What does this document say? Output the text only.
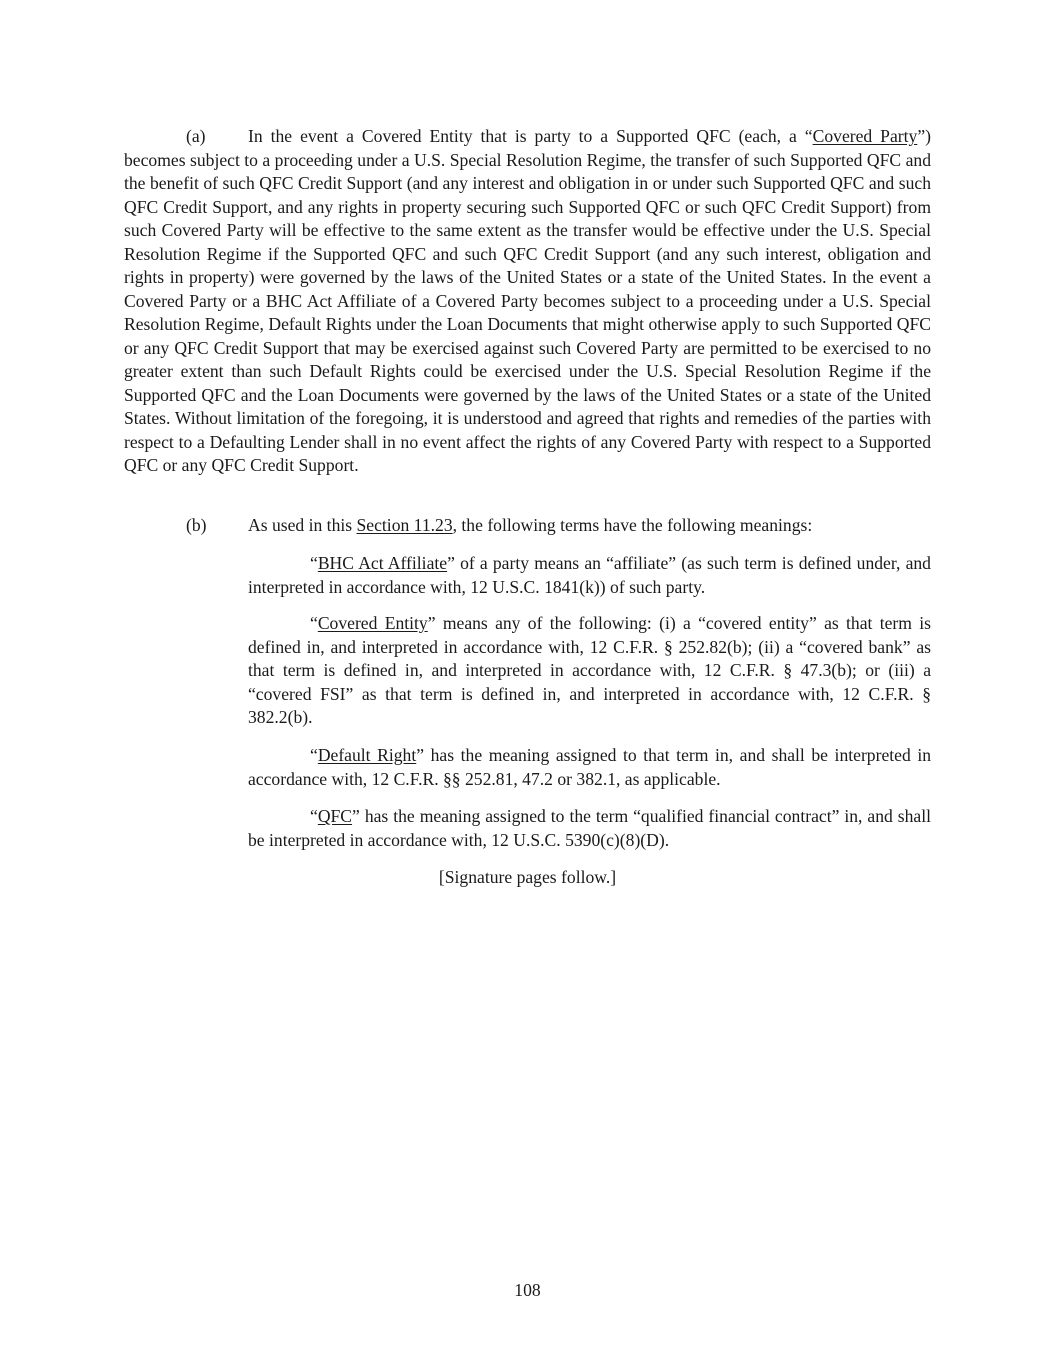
(a) In the event a Covered Entity that is party to a Supported QFC (each, a “Covered Party”) becomes subject to a proceeding under a U.S. Special Resolution Regime, the transfer of such Supported QFC and the benefit of such QFC Credit Support (and any interest and obligation in or under such Supported QFC and such QFC Credit Support, and any rights in property securing such Supported QFC or such QFC Credit Support) from such Covered Party will be effective to the same extent as the transfer would be effective under the U.S. Special Resolution Regime if the Supported QFC and such QFC Credit Support (and any such interest, obligation and rights in property) were governed by the laws of the United States or a state of the United States. In the event a Covered Party or a BHC Act Affiliate of a Covered Party becomes subject to a proceeding under a U.S. Special Resolution Regime, Default Rights under the Loan Documents that might otherwise apply to such Supported QFC or any QFC Credit Support that may be exercised against such Covered Party are permitted to be exercised to no greater extent than such Default Rights could be exercised under the U.S. Special Resolution Regime if the Supported QFC and the Loan Documents were governed by the laws of the United States or a state of the United States. Without limitation of the foregoing, it is understood and agreed that rights and remedies of the parties with respect to a Defaulting Lender shall in no event affect the rights of any Covered Party with respect to a Supported QFC or any QFC Credit Support.

(b) As used in this Section 11.23, the following terms have the following meanings:

“BHC Act Affiliate” of a party means an “affiliate” (as such term is defined under, and interpreted in accordance with, 12 U.S.C. 1841(k)) of such party.

“Covered Entity” means any of the following: (i) a “covered entity” as that term is defined in, and interpreted in accordance with, 12 C.F.R. § 252.82(b); (ii) a “covered bank” as that term is defined in, and interpreted in accordance with, 12 C.F.R. § 47.3(b); or (iii) a “covered FSI” as that term is defined in, and interpreted in accordance with, 12 C.F.R. § 382.2(b).

“Default Right” has the meaning assigned to that term in, and shall be interpreted in accordance with, 12 C.F.R. §§ 252.81, 47.2 or 382.1, as applicable.

“QFC” has the meaning assigned to the term “qualified financial contract” in, and shall be interpreted in accordance with, 12 U.S.C. 5390(c)(8)(D).

[Signature pages follow.]

108
